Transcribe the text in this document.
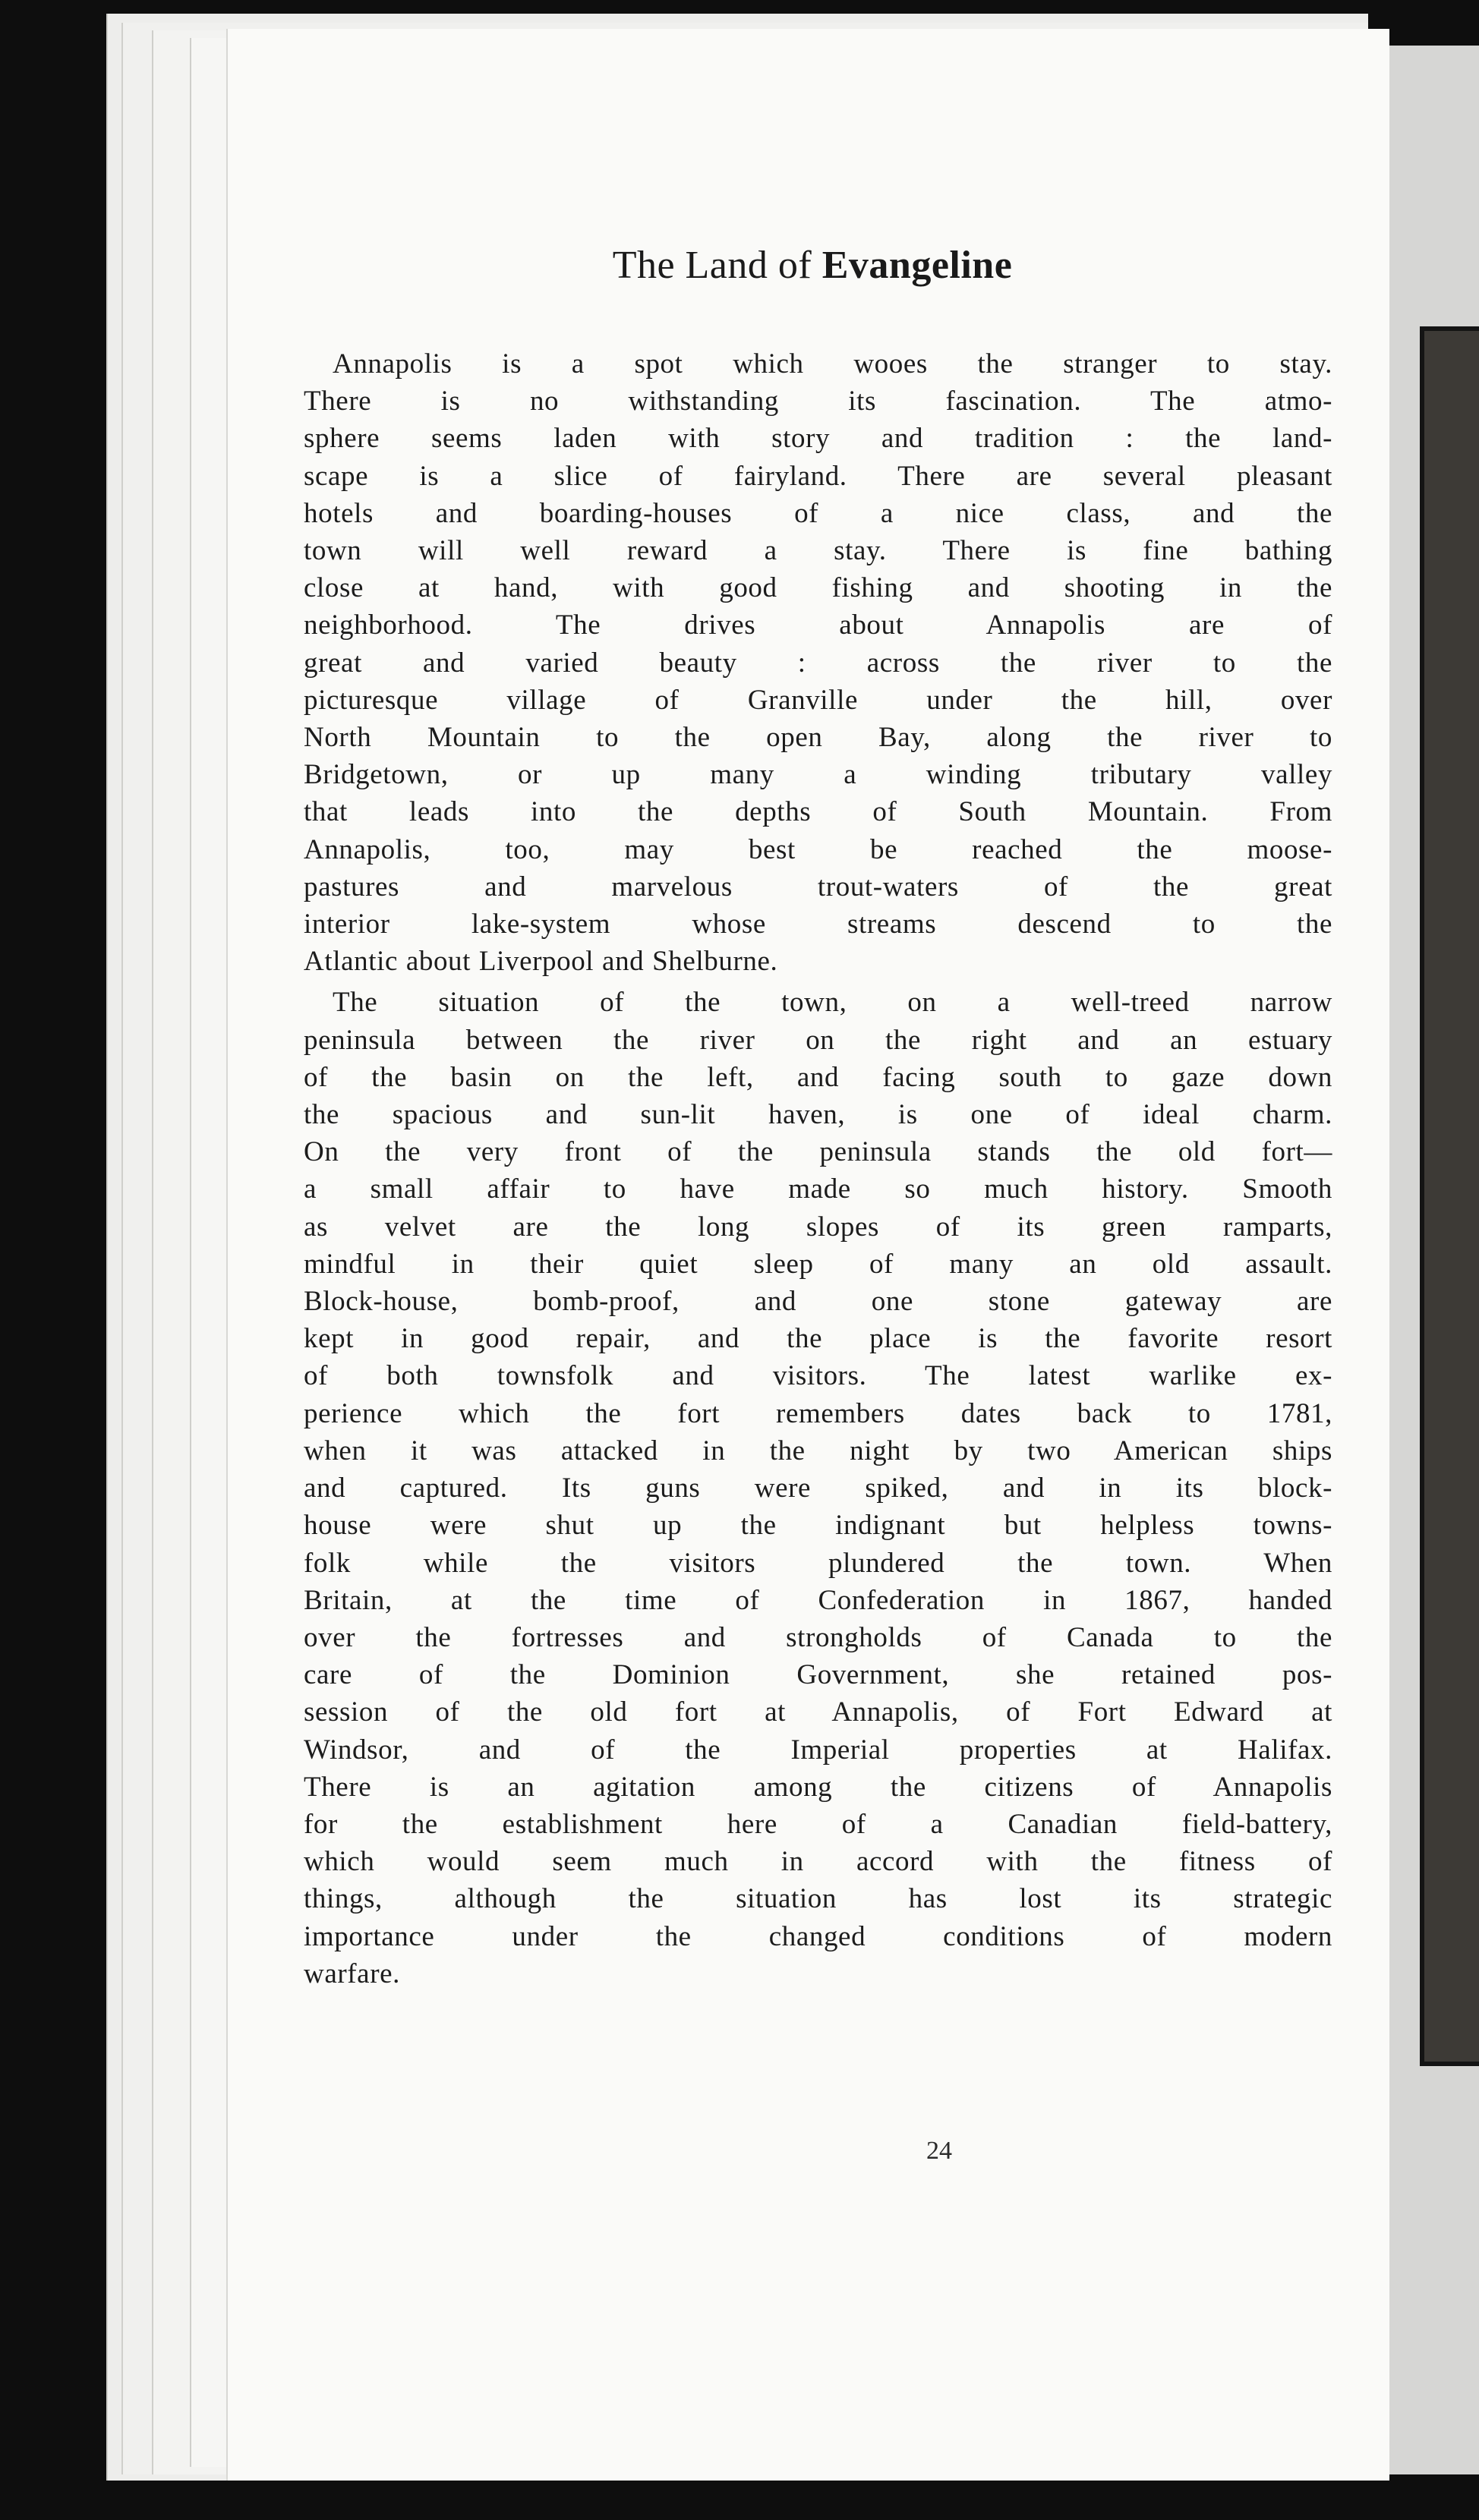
The Land of Evangeline

Annapolis is a spot which wooes the stranger to stay.
There is no withstanding its fascination. The atmo-
sphere seems laden with story and tradition : the land-
scape is a slice of fairyland. There are several pleasant
hotels and boarding-houses of a nice class, and the
town will well reward a stay. There is fine bathing
close at hand, with good fishing and shooting in the
neighborhood. The drives about Annapolis are of
great and varied beauty : across the river to the
picturesque village of Granville under the hill, over
North Mountain to the open Bay, along the river to
Bridgetown, or up many a winding tributary valley
that leads into the depths of South Mountain. From
Annapolis, too, may best be reached the moose-
pastures and marvelous trout-waters of the great
interior lake-system whose streams descend to the
Atlantic about Liverpool and Shelburne.

The situation of the town, on a well-treed narrow
peninsula between the river on the right and an estuary
of the basin on the left, and facing south to gaze down
the spacious and sun-lit haven, is one of ideal charm.
On the very front of the peninsula stands the old fort—
a small affair to have made so much history. Smooth
as velvet are the long slopes of its green ramparts,
mindful in their quiet sleep of many an old assault.
Block-house, bomb-proof, and one stone gateway are
kept in good repair, and the place is the favorite resort
of both townsfolk and visitors. The latest warlike ex-
perience which the fort remembers dates back to 1781,
when it was attacked in the night by two American ships
and captured. Its guns were spiked, and in its block-
house were shut up the indignant but helpless towns-
folk while the visitors plundered the town. When
Britain, at the time of Confederation in 1867, handed
over the fortresses and strongholds of Canada to the
care of the Dominion Government, she retained pos-
session of the old fort at Annapolis, of Fort Edward at
Windsor, and of the Imperial properties at Halifax.
There is an agitation among the citizens of Annapolis
for the establishment here of a Canadian field-battery,
which would seem much in accord with the fitness of
things, although the situation has lost its strategic
importance under the changed conditions of modern
warfare.

24
